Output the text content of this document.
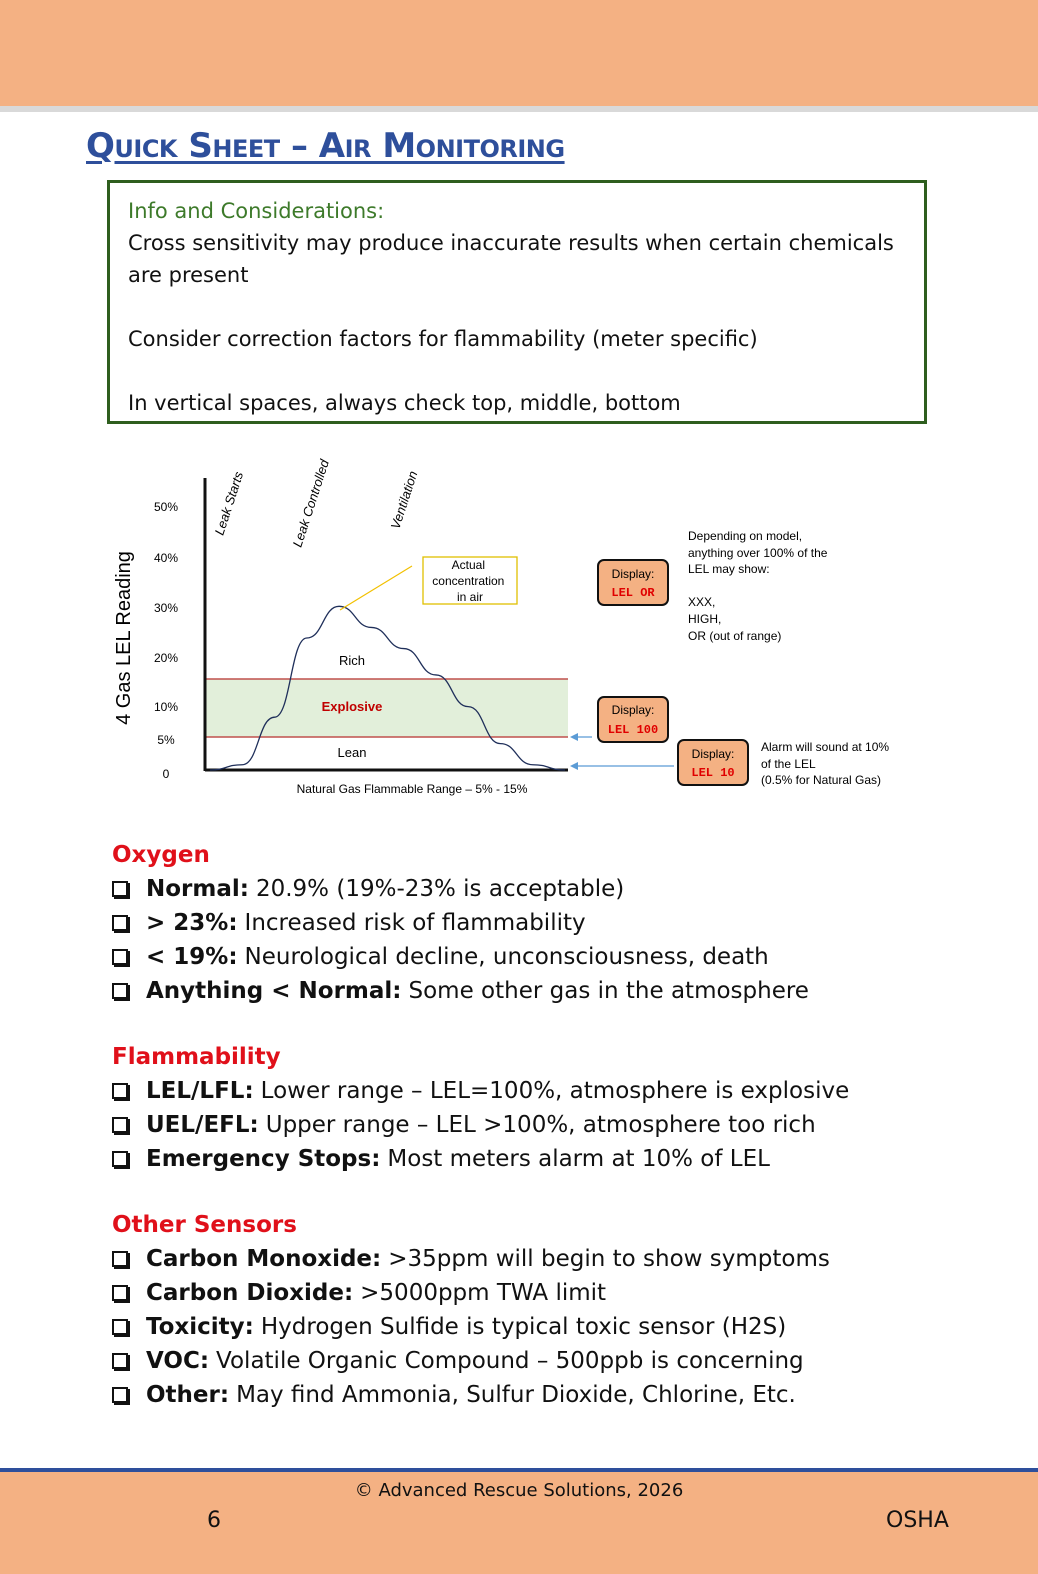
Quick Sheet – Air Monitoring
Info and Considerations:

Cross sensitivity may produce inaccurate results when certain chemicals

are present

Consider correction factors for flammability (meter specific)

In vertical spaces, always check top, middle, bottom

4 Gas LEL Reading
50%
40%
30%
20%
10%
5%
0
Leak Starts	Leak Controlled	Ventilation
Rich
Explosive
Lean
Actual concentration in air
Natural Gas Flammable Range – 5% - 15%
Display:
LEL OR
Display:
LEL 100
Display:
LEL 10
Depending on model, anything over 100% of the LEL may show: XXX, HIGH, OR (out of range)
Alarm will sound at 10% of the LEL (0.5% for Natural Gas)
Oxygen
Normal: 20.9% (19%-23% is acceptable)
> 23%: Increased risk of flammability
< 19%: Neurological decline, unconsciousness, death
Anything < Normal: Some other gas in the atmosphere
Flammability
LEL/LFL: Lower range – LEL=100%, atmosphere is explosive
UEL/EFL: Upper range – LEL >100%, atmosphere too rich
Emergency Stops: Most meters alarm at 10% of LEL
Other Sensors
Carbon Monoxide: >35ppm will begin to show symptoms
Carbon Dioxide: >5000ppm TWA limit
Toxicity: Hydrogen Sulfide is typical toxic sensor (H2S)
VOC: Volatile Organic Compound – 500ppb is concerning
Other: May find Ammonia, Sulfur Dioxide, Chlorine, Etc.
© Advanced Rescue Solutions, 2026
6	OSHA
